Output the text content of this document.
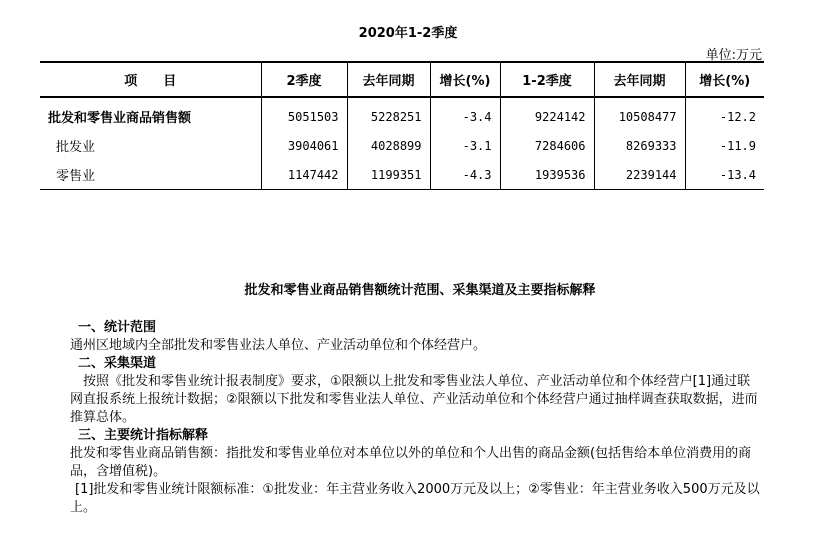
2020年1-2季度
单位:万元
项　　目	2季度	去年同期	增长(%)	1-2季度	去年同期	增长(%)
批发和零售业商品销售额	5051503	5228251	-3.4	9224142	10508477	-12.2
批发业	3904061	4028899	-3.1	7284606	8269333	-11.9
零售业	1147442	1199351	-4.3	1939536	2239144	-13.4
批发和零售业商品销售额统计范围、采集渠道及主要指标解释
一、统计范围
通州区地域内全部批发和零售业法人单位、产业活动单位和个体经营户。
二、采集渠道
按照《批发和零售业统计报表制度》要求，①限额以上批发和零售业法人单位、产业活动单位和个体经营户[1]通过联网直报系统上报统计数据；②限额以下批发和零售业法人单位、产业活动单位和个体经营户通过抽样调查获取数据，进而推算总体。
三、主要统计指标解释
批发和零售业商品销售额：指批发和零售业单位对本单位以外的单位和个人出售的商品金额(包括售给本单位消费用的商品，含增值税)。
[1]批发和零售业统计限额标准：①批发业：年主营业务收入2000万元及以上；②零售业：年主营业务收入500万元及以上。
